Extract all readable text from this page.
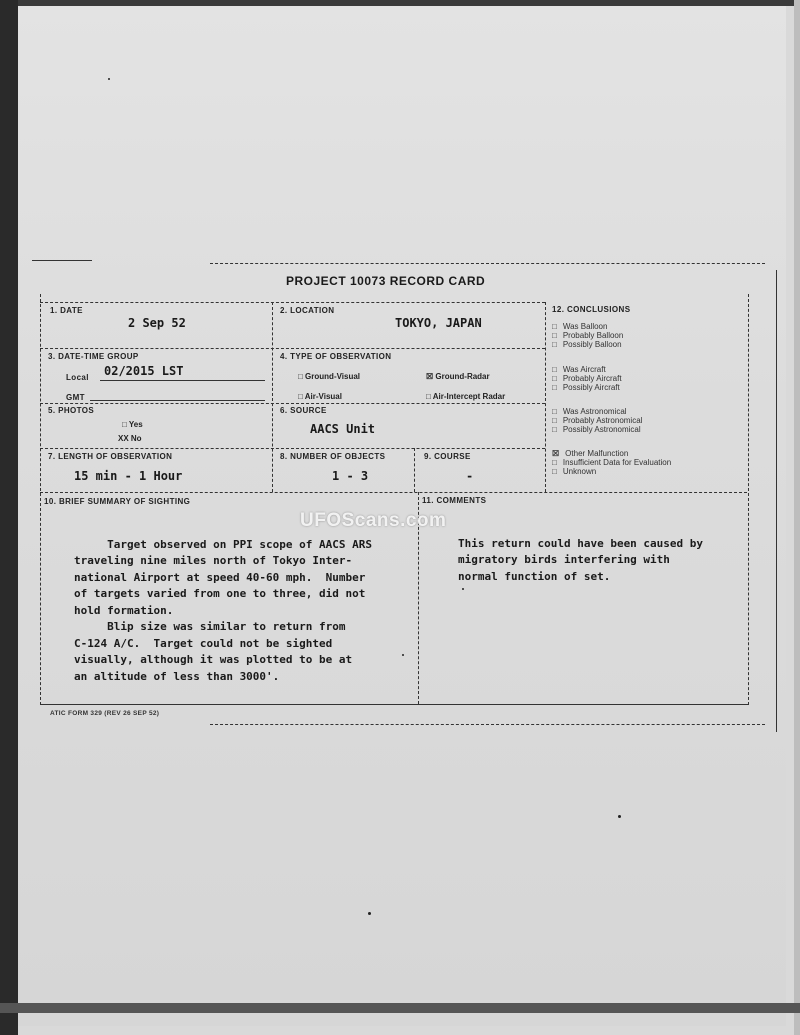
PROJECT 10073 RECORD CARD
1. DATE
2 Sep 52
2. LOCATION
TOKYO, JAPAN
3. DATE-TIME GROUP
Local 02/2015 LST
GMT
4. TYPE OF OBSERVATION
□ Ground-Visual	☒ Ground-Radar
□ Air-Visual	□ Air-Intercept Radar
5. PHOTOS
□ Yes
XX No
6. SOURCE
AACS Unit
7. LENGTH OF OBSERVATION
15 min - 1 Hour
8. NUMBER OF OBJECTS
1 - 3
9. COURSE
-
10. BRIEF SUMMARY OF SIGHTING

Target observed on PPI scope of AACS ARS
traveling nine miles north of Tokyo Inter-
national Airport at speed 40-60 mph.  Number
of targets varied from one to three, did not
hold formation.
Blip size was similar to return from
C-124 A/C.  Target could not be sighted
visually, although it was plotted to be at
an altitude of less than 3000'.

11. COMMENTS

This return could have been caused by
migratory birds interfering with
normal function of set.

12. CONCLUSIONS
□ Was Balloon
□ Probably Balloon
□ Possibly Balloon
□ Was Aircraft
□ Probably Aircraft
□ Possibly Aircraft
□ Was Astronomical
□ Probably Astronomical
□ Possibly Astronomical
☒ Other Malfunction
□ Insufficient Data for Evaluation
□ Unknown
ATIC FORM 329 (REV 26 SEP 52)
UFOScans.com
